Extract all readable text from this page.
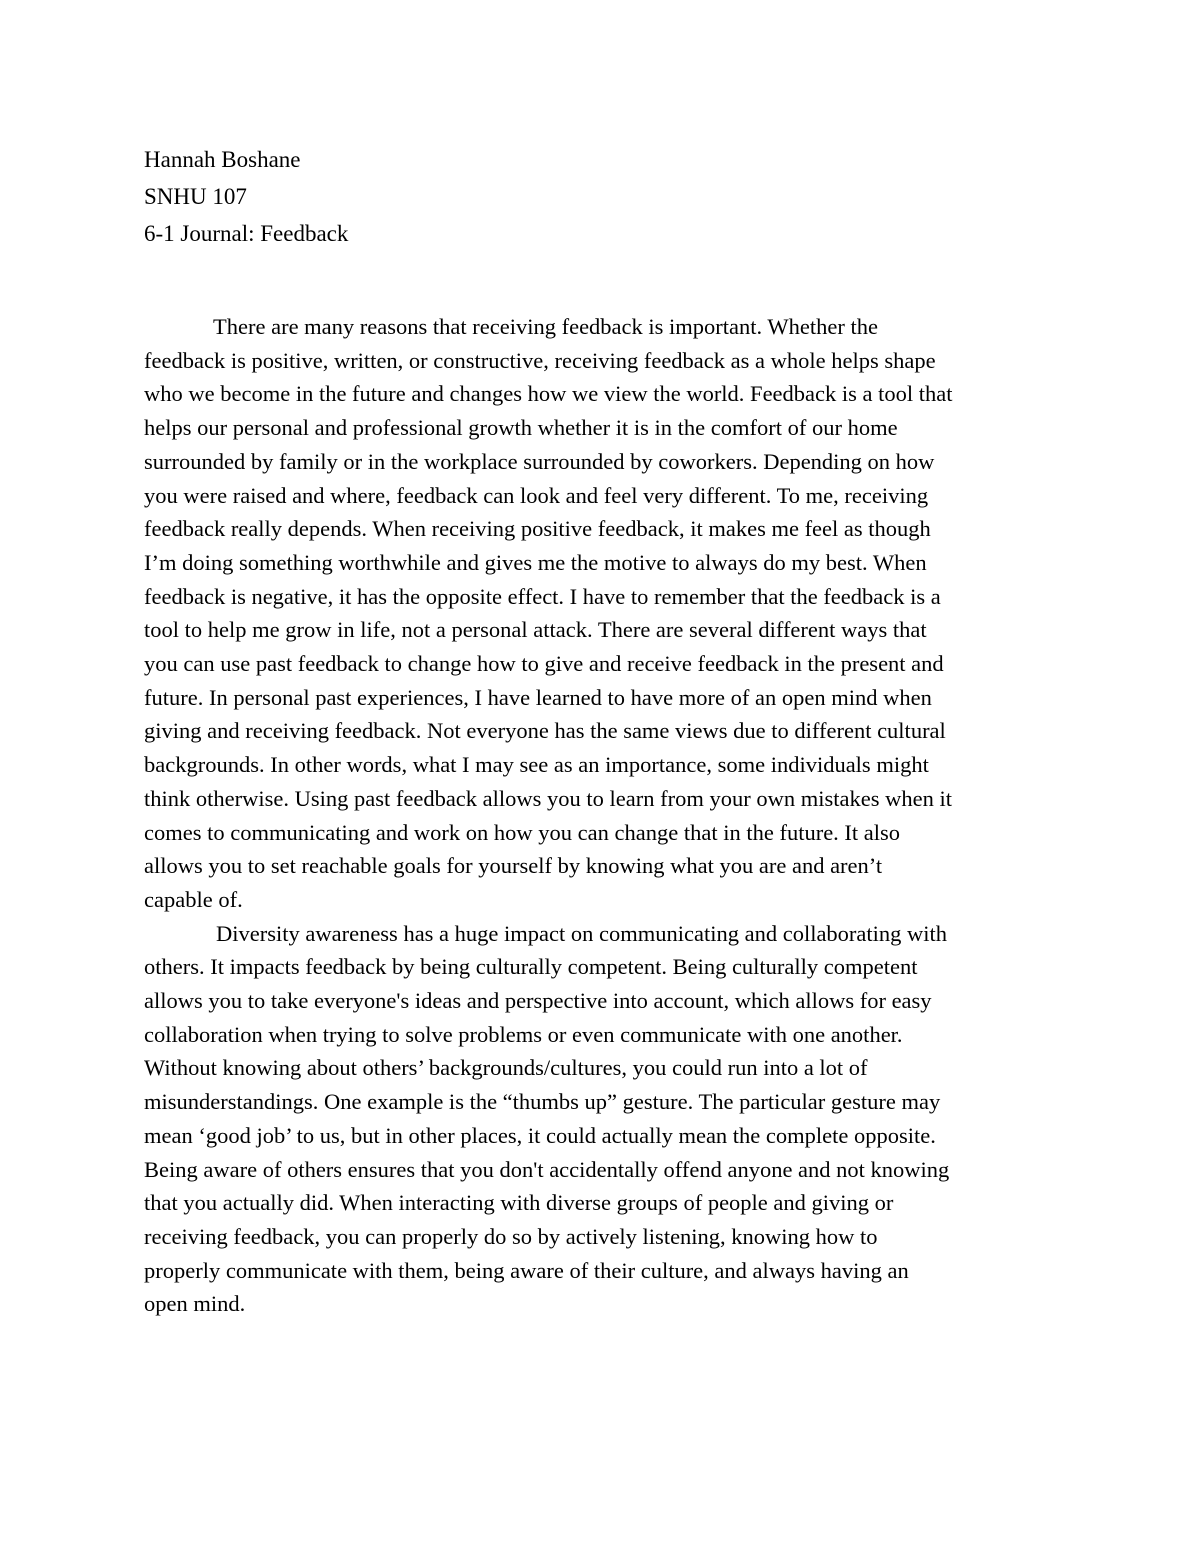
Hannah Boshane
SNHU 107
6-1 Journal: Feedback
There are many reasons that receiving feedback is important. Whether the
feedback is positive, written, or constructive, receiving feedback as a whole helps shape
who we become in the future and changes how we view the world. Feedback is a tool that
helps our personal and professional growth whether it is in the comfort of our home
surrounded by family or in the workplace surrounded by coworkers. Depending on how
you were raised and where, feedback can look and feel very different. To me, receiving
feedback really depends. When receiving positive feedback, it makes me feel as though
I’m doing something worthwhile and gives me the motive to always do my best. When
feedback is negative, it has the opposite effect. I have to remember that the feedback is a
tool to help me grow in life, not a personal attack. There are several different ways that
you can use past feedback to change how to give and receive feedback in the present and
future. In personal past experiences, I have learned to have more of an open mind when
giving and receiving feedback. Not everyone has the same views due to different cultural
backgrounds. In other words, what I may see as an importance, some individuals might
think otherwise. Using past feedback allows you to learn from your own mistakes when it
comes to communicating and work on how you can change that in the future. It also
allows you to set reachable goals for yourself by knowing what you are and aren’t
capable of.
Diversity awareness has a huge impact on communicating and collaborating with
others. It impacts feedback by being culturally competent. Being culturally competent
allows you to take everyone's ideas and perspective into account, which allows for easy
collaboration when trying to solve problems or even communicate with one another.
Without knowing about others’ backgrounds/cultures, you could run into a lot of
misunderstandings. One example is the “thumbs up” gesture. The particular gesture may
mean ‘good job’ to us, but in other places, it could actually mean the complete opposite.
Being aware of others ensures that you don't accidentally offend anyone and not knowing
that you actually did. When interacting with diverse groups of people and giving or
receiving feedback, you can properly do so by actively listening, knowing how to
properly communicate with them, being aware of their culture, and always having an
open mind.
